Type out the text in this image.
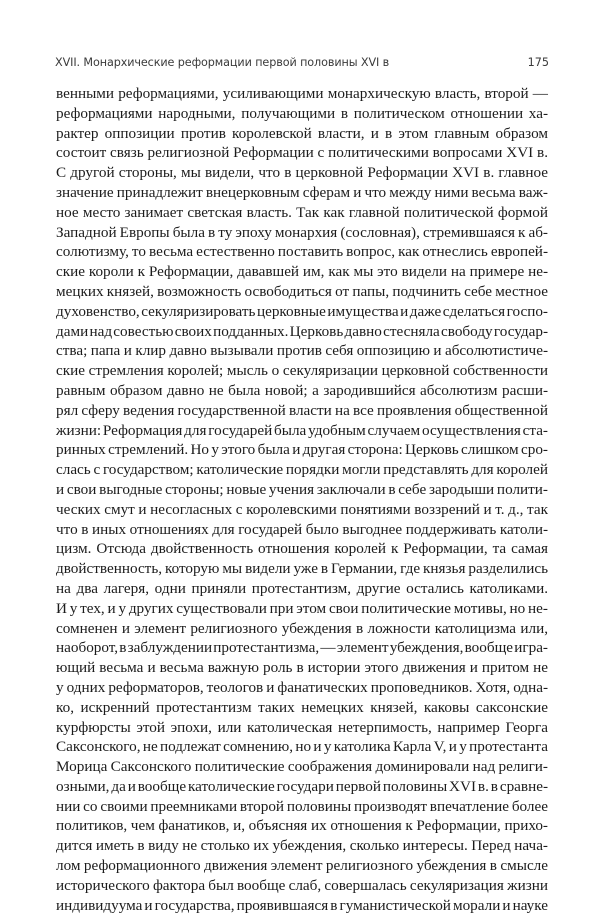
XVII. Монархические реформации первой половины XVI в	175
венными реформациями, усиливающими монархическую власть, второй —
реформациями народными, получающими в политическом отношении ха-
рактер оппозиции против королевской власти, и в этом главным образом
состоит связь религиозной Реформации с политическими вопросами XVI в.
С другой стороны, мы видели, что в церковной Реформации XVI в. главное
значение принадлежит внецерковным сферам и что между ними весьма важ-
ное место занимает светская власть. Так как главной политической формой
Западной Европы была в ту эпоху монархия (сословная), стремившаяся к аб-
солютизму, то весьма естественно поставить вопрос, как отнеслись европей-
ские короли к Реформации, дававшей им, как мы это видели на примере не-
мецких князей, возможность освободиться от папы, подчинить себе местное
духовенство, секуляризировать церковные имущества и даже сделаться госпо-
дами над совестью своих подданных. Церковь давно стесняла свободу государ-
ства; папа и клир давно вызывали против себя оппозицию и абсолютистиче-
ские стремления королей; мысль о секуляризации церковной собственности
равным образом давно не была новой; а зародившийся абсолютизм расши-
рял сферу ведения государственной власти на все проявления общественной
жизни: Реформация для государей была удобным случаем осуществления ста-
ринных стремлений. Но у этого была и другая сторона: Церковь слишком сро-
слась с государством; католические порядки могли представлять для королей
и свои выгодные стороны; новые учения заключали в себе зародыши полити-
ческих смут и несогласных с королевскими понятиями воззрений и т. д., так
что в иных отношениях для государей было выгоднее поддерживать католи-
цизм. Отсюда двойственность отношения королей к Реформации, та самая
двойственность, которую мы видели уже в Германии, где князья разделились
на два лагеря, одни приняли протестантизм, другие остались католиками.
И у тех, и у других существовали при этом свои политические мотивы, но не-
сомненен и элемент религиозного убеждения в ложности католицизма или,
наоборот, в заблуждении протестантизма, — элемент убеждения, вообще игра-
ющий весьма и весьма важную роль в истории этого движения и притом не
у одних реформаторов, теологов и фанатических проповедников. Хотя, одна-
ко, искренний протестантизм таких немецких князей, каковы саксонские
курфюрсты этой эпохи, или католическая нетерпимость, например Георга
Саксонского, не подлежат сомнению, но и у католика Карла V, и у протестанта
Морица Саксонского политические соображения доминировали над религи-
озными, да и вообще католические государи первой половины XVI в. в сравне-
нии со своими преемниками второй половины производят впечатление более
политиков, чем фанатиков, и, объясняя их отношения к Реформации, прихо-
дится иметь в виду не столько их убеждения, сколько интересы. Перед нача-
лом реформационного движения элемент религиозного убеждения в смысле
исторического фактора был вообще слаб, совершалась секуляризация жизни
индивидуума и государства, проявившаяся в гуманистической морали и науке
